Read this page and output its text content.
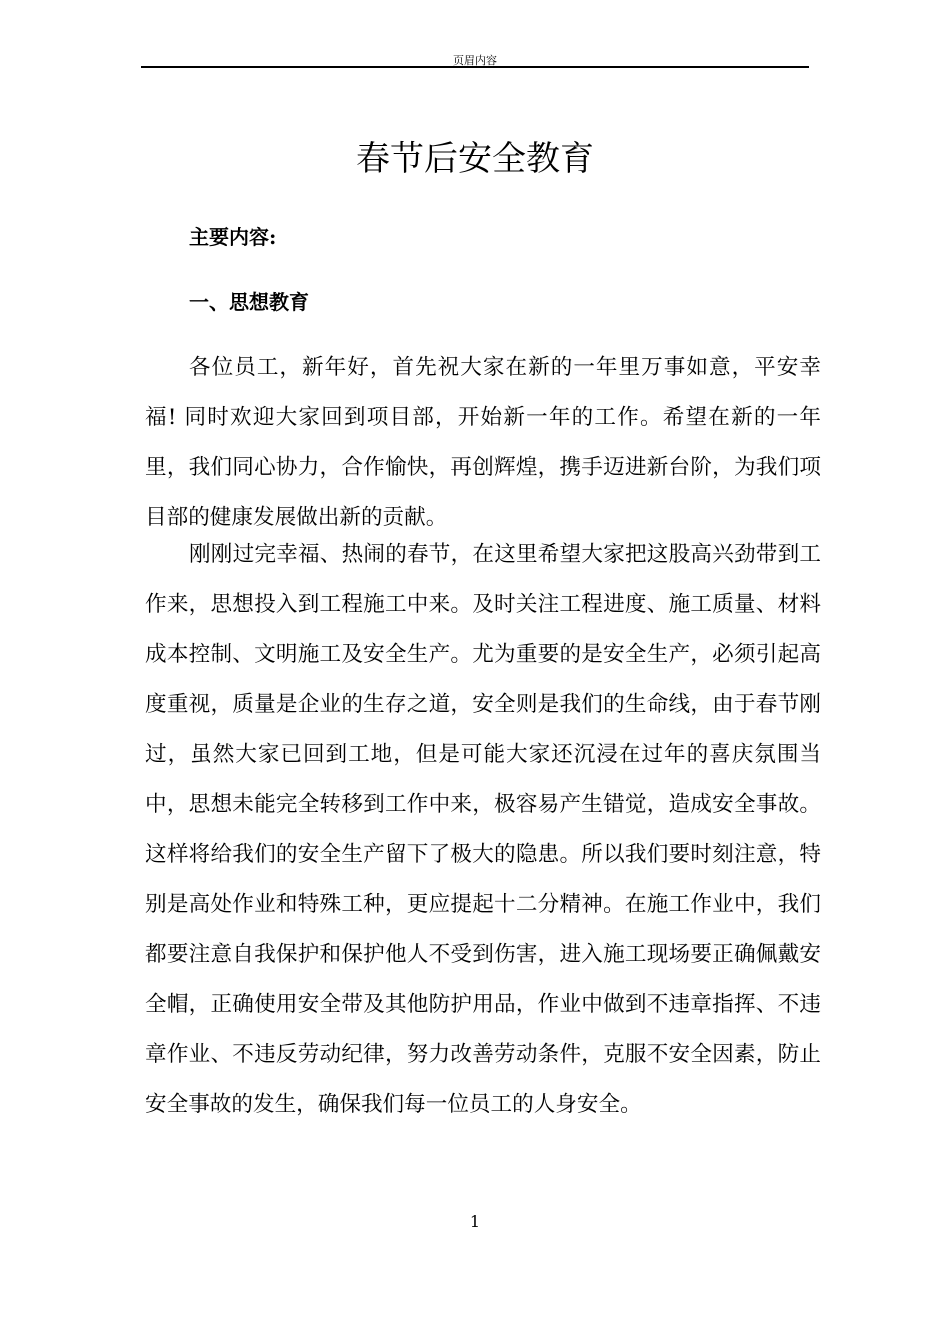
页眉内容
春节后安全教育

主要内容:

一、思想教育

各位员工，新年好，首先祝大家在新的一年里万事如意，平安幸福! 同时欢迎大家回到项目部，开始新一年的工作。希望在新的一年里，我们同心协力，合作愉快，再创辉煌，携手迈进新台阶，为我们项目部的健康发展做出新的贡献。

刚刚过完幸福、热闹的春节，在这里希望大家把这股高兴劲带到工作来，思想投入到工程施工中来。及时关注工程进度、施工质量、材料成本控制、文明施工及安全生产。尤为重要的是安全生产，必须引起高度重视，质量是企业的生存之道，安全则是我们的生命线，由于春节刚过，虽然大家已回到工地，但是可能大家还沉浸在过年的喜庆氛围当中，思想未能完全转移到工作中来，极容易产生错觉，造成安全事故。这样将给我们的安全生产留下了极大的隐患。所以我们要时刻注意，特别是高处作业和特殊工种，更应提起十二分精神。在施工作业中，我们都要注意自我保护和保护他人不受到伤害，进入施工现场要正确佩戴安全帽，正确使用安全带及其他防护用品，作业中做到不违章指挥、不违章作业、不违反劳动纪律，努力改善劳动条件，克服不安全因素，防止安全事故的发生，确保我们每一位员工的人身安全。

1
